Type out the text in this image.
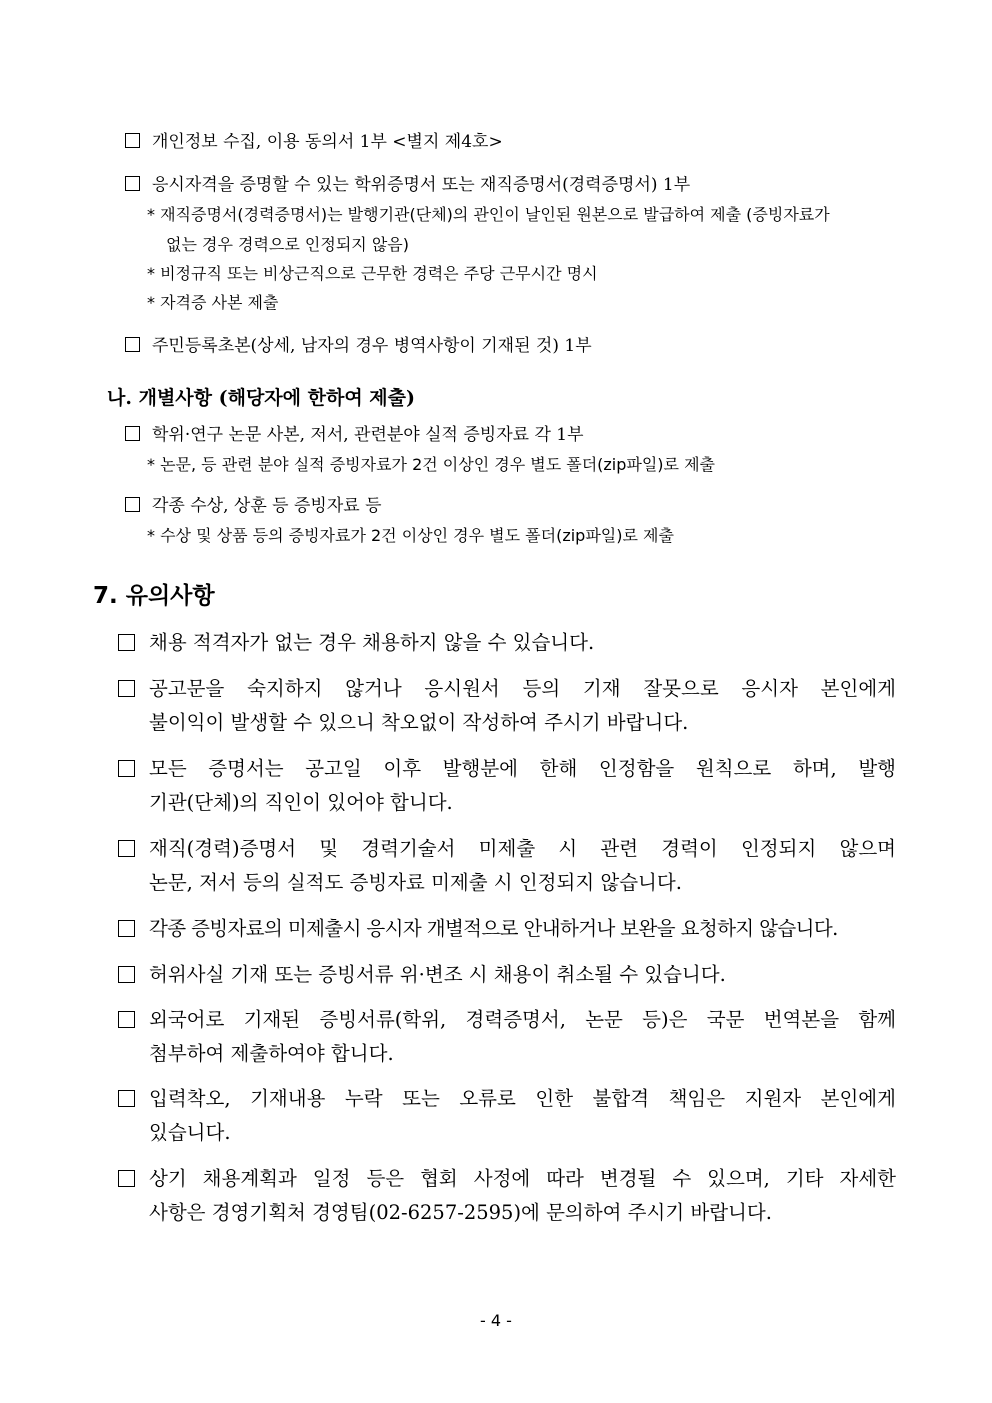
개인정보 수집, 이용 동의서 1부 <별지 제4호>
응시자격을 증명할 수 있는 학위증명서 또는 재직증명서(경력증명서) 1부
* 재직증명서(경력증명서)는 발행기관(단체)의 관인이 날인된 원본으로 발급하여 제출 (증빙자료가
없는 경우 경력으로 인정되지 않음)
* 비정규직 또는 비상근직으로 근무한 경력은 주당 근무시간 명시
* 자격증 사본 제출
주민등록초본(상세, 남자의 경우 병역사항이 기재된 것) 1부
나. 개별사항 (해당자에 한하여 제출)
학위·연구 논문 사본, 저서, 관련분야 실적 증빙자료 각 1부
* 논문, 등 관련 분야 실적 증빙자료가 2건 이상인 경우 별도 폴더(zip파일)로 제출
각종 수상, 상훈 등 증빙자료 등
* 수상 및 상품 등의 증빙자료가 2건 이상인 경우 별도 폴더(zip파일)로 제출
7. 유의사항
채용 적격자가 없는 경우 채용하지 않을 수 있습니다.
공고문을 숙지하지 않거나 응시원서 등의 기재 잘못으로 응시자 본인에게
불이익이 발생할 수 있으니 착오없이 작성하여 주시기 바랍니다.
모든 증명서는 공고일 이후 발행분에 한해 인정함을 원칙으로 하며, 발행
기관(단체)의 직인이 있어야 합니다.
재직(경력)증명서 및 경력기술서 미제출 시 관련 경력이 인정되지 않으며
논문, 저서 등의 실적도 증빙자료 미제출 시 인정되지 않습니다.
각종 증빙자료의 미제출시 응시자 개별적으로 안내하거나 보완을 요청하지 않습니다.
허위사실 기재 또는 증빙서류 위·변조 시 채용이 취소될 수 있습니다.
외국어로 기재된 증빙서류(학위, 경력증명서, 논문 등)은 국문 번역본을 함께
첨부하여 제출하여야 합니다.
입력착오, 기재내용 누락 또는 오류로 인한 불합격 책임은 지원자 본인에게
있습니다.
상기 채용계획과 일정 등은 협회 사정에 따라 변경될 수 있으며, 기타 자세한
사항은 경영기획처 경영팀(02-6257-2595)에 문의하여 주시기 바랍니다.
- 4 -
